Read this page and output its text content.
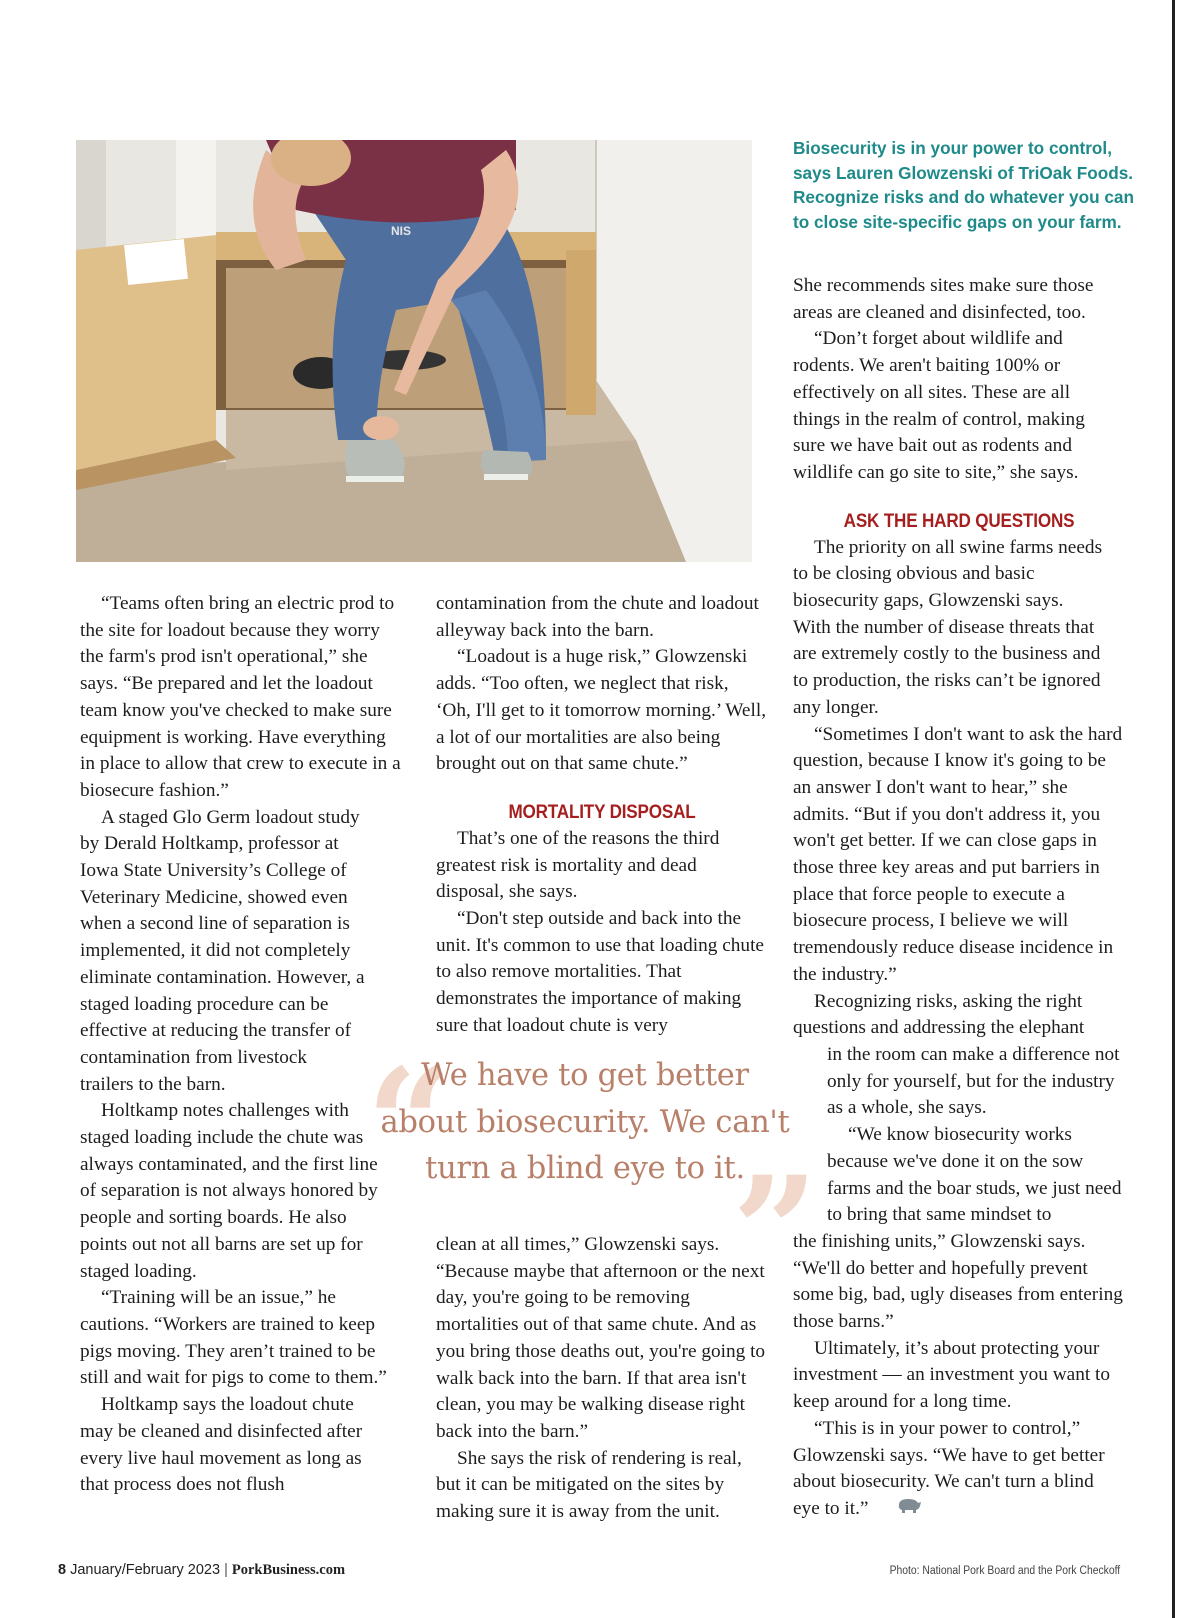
NIS

Biosecurity is in your power to control, says Lauren Glowzenski of TriOak Foods. Recognize risks and do whatever you can to close site-specific gaps on your farm.

“Teams often bring an electric prod to the site for loadout because they worry the farm's prod isn't operational,” she says. “Be prepared and let the loadout team know you've checked to make sure equipment is working. Have everything in place to allow that crew to execute in a biosecure fashion.”

A staged Glo Germ loadout study by Derald Holtkamp, professor at Iowa State University’s College of Veterinary Medicine, showed even when a second line of separation is implemented, it did not completely eliminate contamination. However, a staged loading procedure can be effective at reducing the transfer of contamination from livestock trailers to the barn.

Holtkamp notes challenges with staged loading include the chute was always contaminated, and the first line of separation is not always honored by people and sorting boards. He also points out not all barns are set up for staged loading.

“Training will be an issue,” he cautions. “Workers are trained to keep pigs moving. They aren’t trained to be still and wait for pigs to come to them.”

Holtkamp says the loadout chute may be cleaned and disinfected after every live haul movement as long as that process does not flush

contamination from the chute and loadout alleyway back into the barn.

“Loadout is a huge risk,” Glowzenski adds. “Too often, we neglect that risk, ‘Oh, I'll get to it tomorrow morning.’ Well, a lot of our mortalities are also being brought out on that same chute.”

MORTALITY DISPOSAL

That’s one of the reasons the third greatest risk is mortality and dead disposal, she says.

“Don't step outside and back into the unit. It's common to use that loading chute to also remove mortalities. That demonstrates the importance of making sure that loadout chute is very

“
”
We have to get better
about biosecurity. We can't
turn a blind eye to it.

clean at all times,” Glowzenski says. “Because maybe that afternoon or the next day, you're going to be removing mortalities out of that same chute. And as you bring those deaths out, you're going to walk back into the barn. If that area isn't clean, you may be walking disease right back into the barn.”

She says the risk of rendering is real, but it can be mitigated on the sites by making sure it is away from the unit.

She recommends sites make sure those areas are cleaned and disinfected, too.

“Don’t forget about wildlife and rodents. We aren't baiting 100% or effectively on all sites. These are all things in the realm of control, making sure we have bait out as rodents and wildlife can go site to site,” she says.

ASK THE HARD QUESTIONS

The priority on all swine farms needs to be closing obvious and basic biosecurity gaps, Glowzenski says. With the number of disease threats that are extremely costly to the business and to production, the risks can’t be ignored any longer.

“Sometimes I don't want to ask the hard question, because I know it's going to be an answer I don't want to hear,” she admits. “But if you don't address it, you won't get better. If we can close gaps in those three key areas and put barriers in place that force people to execute a biosecure process, I believe we will tremendously reduce disease incidence in the industry.”

Recognizing risks, asking the right questions and addressing the elephant

in the room can make a difference not only for yourself, but for the industry as a whole, she says.

“We know biosecurity works because we've done it on the sow farms and the boar studs, we just need to bring that same mindset to

the finishing units,” Glowzenski says. “We'll do better and hopefully prevent some big, bad, ugly diseases from entering those barns.”

Ultimately, it’s about protecting your investment — an investment you want to keep around for a long time.

“This is in your power to control,” Glowzenski says. “We have to get better about biosecurity. We can't turn a blind eye to it.”

8 January/February 2023 | PorkBusiness.com	Photo: National Pork Board and the Pork Checkoff
